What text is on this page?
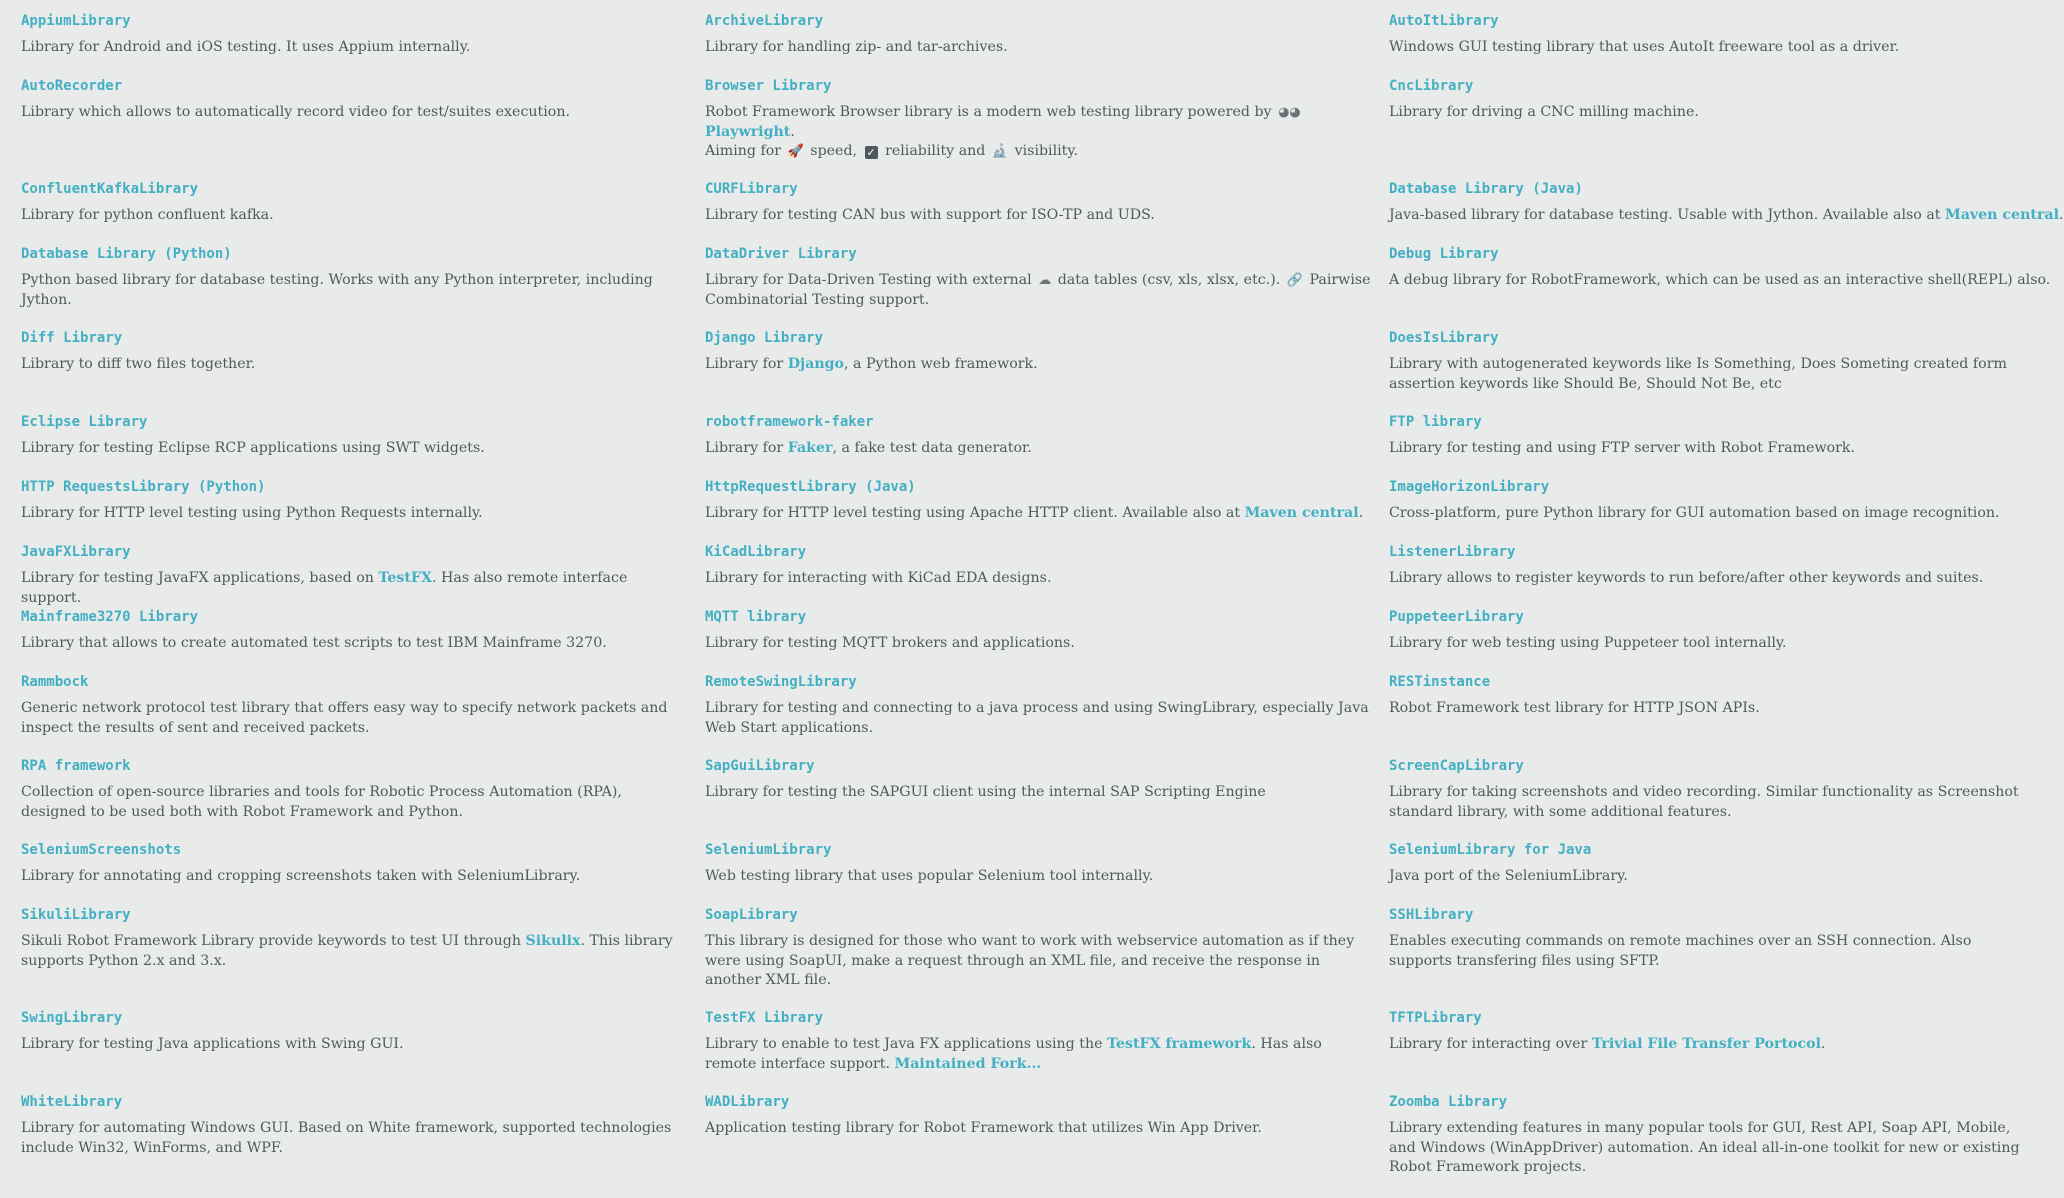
AppiumLibrary
Library for Android and iOS testing. It uses Appium internally.
ArchiveLibrary
Library for handling zip- and tar-archives.
AutoItLibrary
Windows GUI testing library that uses AutoIt freeware tool as a driver.
AutoRecorder
Library which allows to automatically record video for test/suites execution.
Browser Library
Robot Framework Browser library is a modern web testing library powered by ◕◕
Playwright.
Aiming for 🚀 speed, ✓ reliability and 🔬 visibility.
CncLibrary
Library for driving a CNC milling machine.
ConfluentKafkaLibrary
Library for python confluent kafka.
CURFLibrary
Library for testing CAN bus with support for ISO-TP and UDS.
Database Library (Java)
Java-based library for database testing. Usable with Jython. Available also at Maven central.
Database Library (Python)
Python based library for database testing. Works with any Python interpreter, including Jython.
DataDriver Library
Library for Data-Driven Testing with external ☁ data tables (csv, xls, xlsx, etc.). 🔗 Pairwise Combinatorial Testing support.
Debug Library
A debug library for RobotFramework, which can be used as an interactive shell(REPL) also.
Diff Library
Library to diff two files together.
Django Library
Library for Django, a Python web framework.
DoesIsLibrary
Library with autogenerated keywords like Is Something, Does Someting created form assertion keywords like Should Be, Should Not Be, etc
Eclipse Library
Library for testing Eclipse RCP applications using SWT widgets.
robotframework-faker
Library for Faker, a fake test data generator.
FTP library
Library for testing and using FTP server with Robot Framework.
HTTP RequestsLibrary (Python)
Library for HTTP level testing using Python Requests internally.
HttpRequestLibrary (Java)
Library for HTTP level testing using Apache HTTP client. Available also at Maven central.
ImageHorizonLibrary
Cross-platform, pure Python library for GUI automation based on image recognition.
JavaFXLibrary
Library for testing JavaFX applications, based on TestFX. Has also remote interface support.
KiCadLibrary
Library for interacting with KiCad EDA designs.
ListenerLibrary
Library allows to register keywords to run before/after other keywords and suites.
Mainframe3270 Library
Library that allows to create automated test scripts to test IBM Mainframe 3270.
MQTT library
Library for testing MQTT brokers and applications.
PuppeteerLibrary
Library for web testing using Puppeteer tool internally.
Rammbock
Generic network protocol test library that offers easy way to specify network packets and inspect the results of sent and received packets.
RemoteSwingLibrary
Library for testing and connecting to a java process and using SwingLibrary, especially Java Web Start applications.
RESTinstance
Robot Framework test library for HTTP JSON APIs.
RPA framework
Collection of open-source libraries and tools for Robotic Process Automation (RPA), designed to be used both with Robot Framework and Python.
SapGuiLibrary
Library for testing the SAPGUI client using the internal SAP Scripting Engine
ScreenCapLibrary
Library for taking screenshots and video recording. Similar functionality as Screenshot standard library, with some additional features.
SeleniumScreenshots
Library for annotating and cropping screenshots taken with SeleniumLibrary.
SeleniumLibrary
Web testing library that uses popular Selenium tool internally.
SeleniumLibrary for Java
Java port of the SeleniumLibrary.
SikuliLibrary
Sikuli Robot Framework Library provide keywords to test UI through Sikulix. This library supports Python 2.x and 3.x.
SoapLibrary
This library is designed for those who want to work with webservice automation as if they were using SoapUI, make a request through an XML file, and receive the response in another XML file.
SSHLibrary
Enables executing commands on remote machines over an SSH connection. Also supports transfering files using SFTP.
SwingLibrary
Library for testing Java applications with Swing GUI.
TestFX Library
Library to enable to test Java FX applications using the TestFX framework. Has also remote interface support. Maintained Fork...
TFTPLibrary
Library for interacting over Trivial File Transfer Portocol.
WhiteLibrary
Library for automating Windows GUI. Based on White framework, supported technologies include Win32, WinForms, and WPF.
WADLibrary
Application testing library for Robot Framework that utilizes Win App Driver.
Zoomba Library
Library extending features in many popular tools for GUI, Rest API, Soap API, Mobile, and Windows (WinAppDriver) automation. An ideal all-in-one toolkit for new or existing Robot Framework projects.
